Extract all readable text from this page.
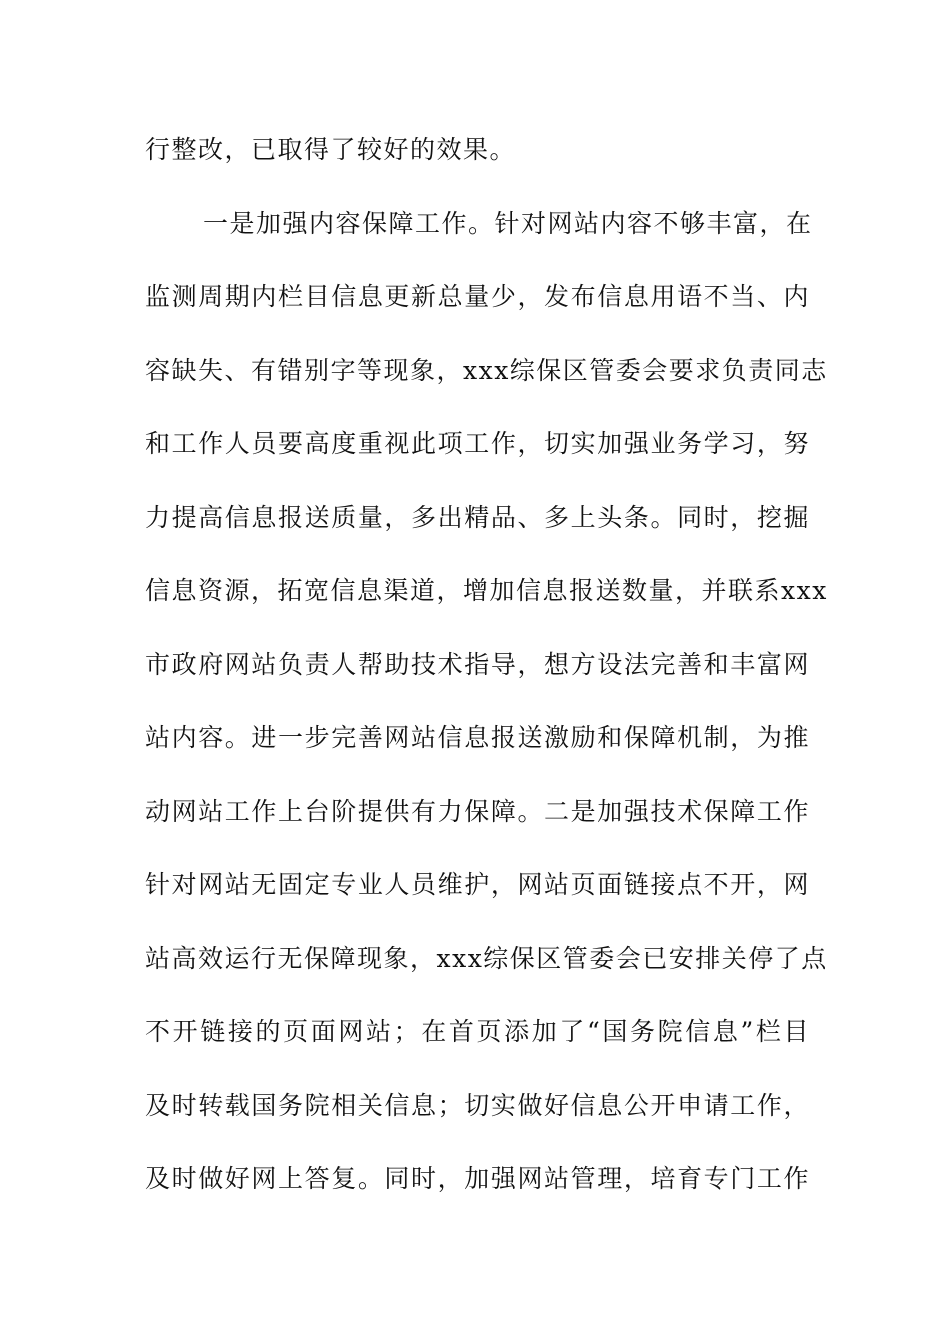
行整改，已取得了较好的效果。
一是加强内容保障工作。针对网站内容不够丰富，在
监测周期内栏目信息更新总量少，发布信息用语不当、内
容缺失、有错别字等现象，xxx综保区管委会要求负责同志
和工作人员要高度重视此项工作，切实加强业务学习，努
力提高信息报送质量，多出精品、多上头条。同时，挖掘
信息资源，拓宽信息渠道，增加信息报送数量，并联系xxx
市政府网站负责人帮助技术指导，想方设法完善和丰富网
站内容。进一步完善网站信息报送激励和保障机制，为推
动网站工作上台阶提供有力保障。二是加强技术保障工作
针对网站无固定专业人员维护，网站页面链接点不开，网
站高效运行无保障现象，xxx综保区管委会已安排关停了点
不开链接的页面网站；在首页添加了“国务院信息”栏目
及时转载国务院相关信息；切实做好信息公开申请工作，
及时做好网上答复。同时，加强网站管理，培育专门工作
